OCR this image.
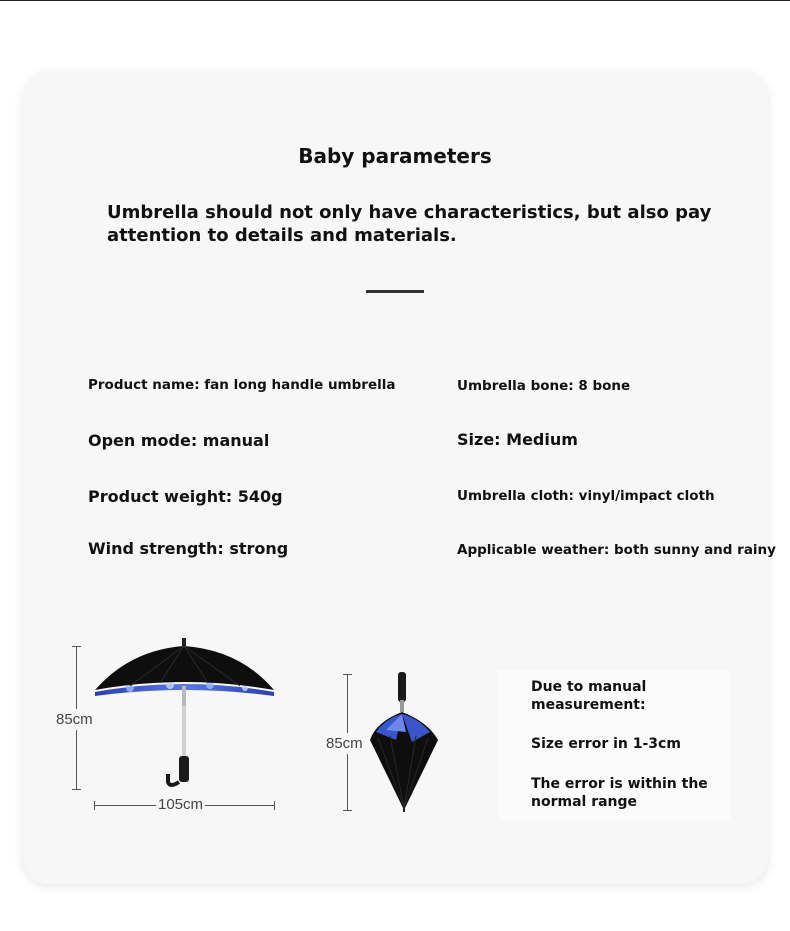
Baby parameters
Umbrella should not only have characteristics, but also pay attention to details and materials.
Product name: fan long handle umbrella	Umbrella bone: 8 bone
Open mode: manual	Size: Medium
Product weight: 540g	Umbrella cloth: vinyl/impact cloth
Wind strength: strong	Applicable weather: both sunny and rainy
85cm
105cm
85cm
Due to manual measurement:
Size error in 1-3cm
The error is within the normal range
